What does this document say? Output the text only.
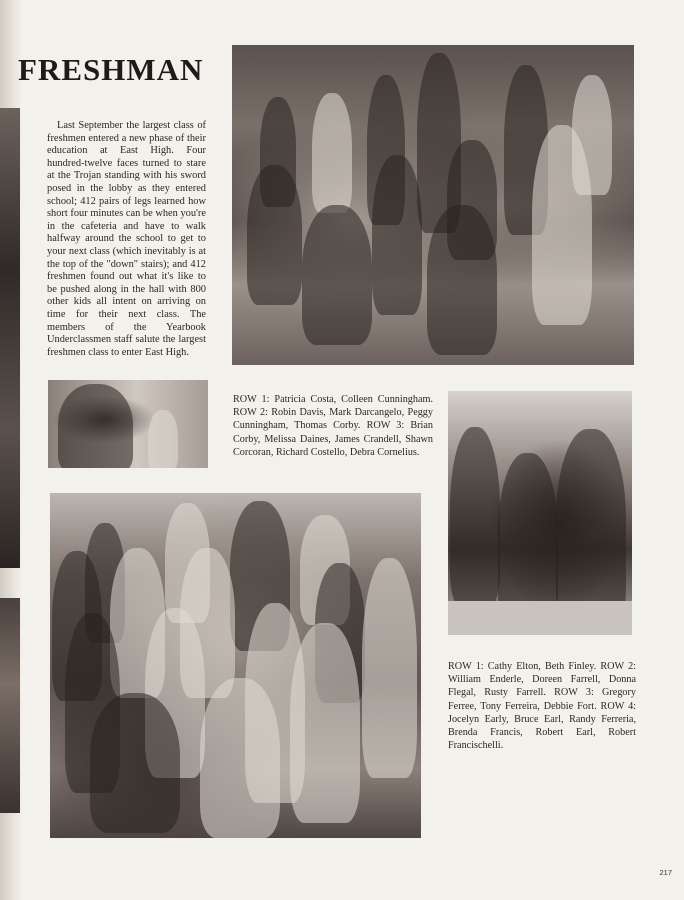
FRESHMAN

Last September the largest class of freshmen entered a new phase of their education at East High. Four hundred-twelve faces turned to stare at the Trojan standing with his sword posed in the lobby as they entered school; 412 pairs of legs learned how short four minutes can be when you're in the cafeteria and have to walk halfway around the school to get to your next class (which inevitably is at the top of the "down" stairs); and 412 freshmen found out what it's like to be pushed along in the hall with 800 other kids all intent on arriving on time for their next class. The members of the Yearbook Underclassmen staff salute the largest freshmen class to enter East High.

ROW 1: Patricia Costa, Colleen Cunningham. ROW 2: Robin Davis, Mark Darcangelo, Peggy Cunningham, Thomas Corby. ROW 3: Brian Corby, Melissa Daines, James Crandell, Shawn Corcoran, Richard Costello, Debra Cornelius.

ROW 1: Cathy Elton, Beth Finley. ROW 2: William Enderle, Doreen Farrell, Donna Flegal, Rusty Farrell. ROW 3: Gregory Ferree, Tony Ferreira, Debbie Fort. ROW 4: Jocelyn Early, Bruce Earl, Randy Ferreria, Brenda Francis, Robert Earl, Robert Francischelli.

217
